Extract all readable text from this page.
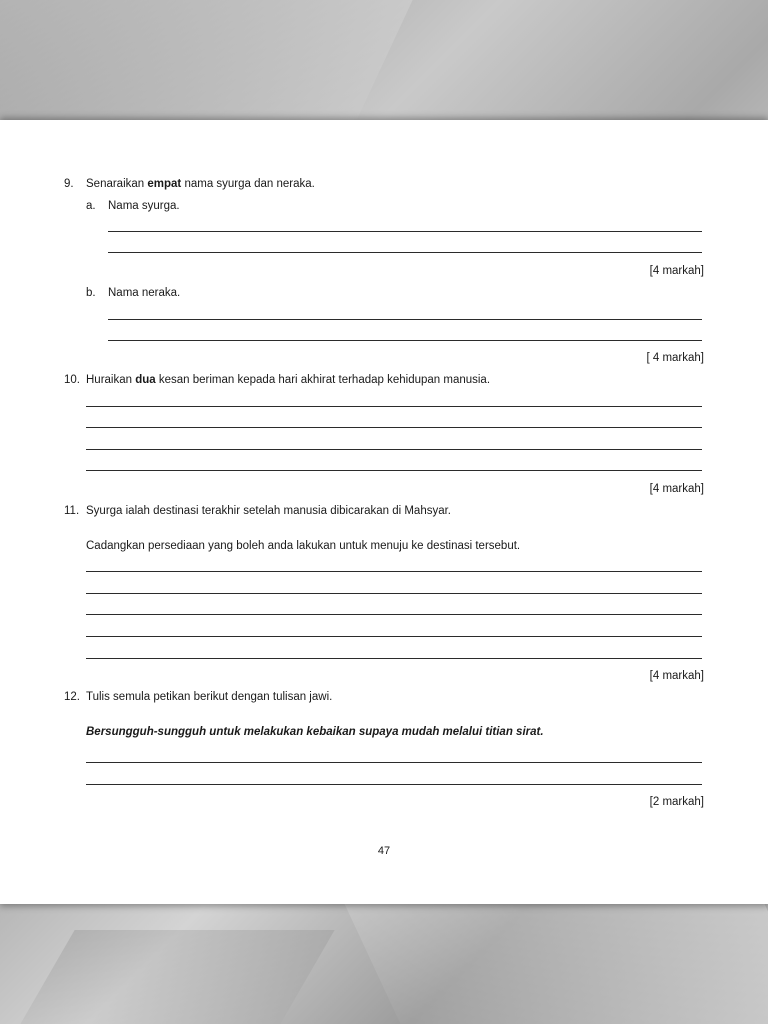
9. Senaraikan empat nama syurga dan neraka.
a. Nama syurga.
[4 markah]
b. Nama neraka.
[ 4 markah]
10. Huraikan dua kesan beriman kepada hari akhirat terhadap kehidupan manusia.
[4 markah]
11. Syurga ialah destinasi terakhir setelah manusia dibicarakan di Mahsyar.
Cadangkan persediaan yang boleh anda lakukan untuk menuju ke destinasi tersebut.
[4 markah]
12. Tulis semula petikan berikut dengan tulisan jawi.
Bersungguh-sungguh untuk melakukan kebaikan supaya mudah melalui titian sirat.
[2 markah]
47
